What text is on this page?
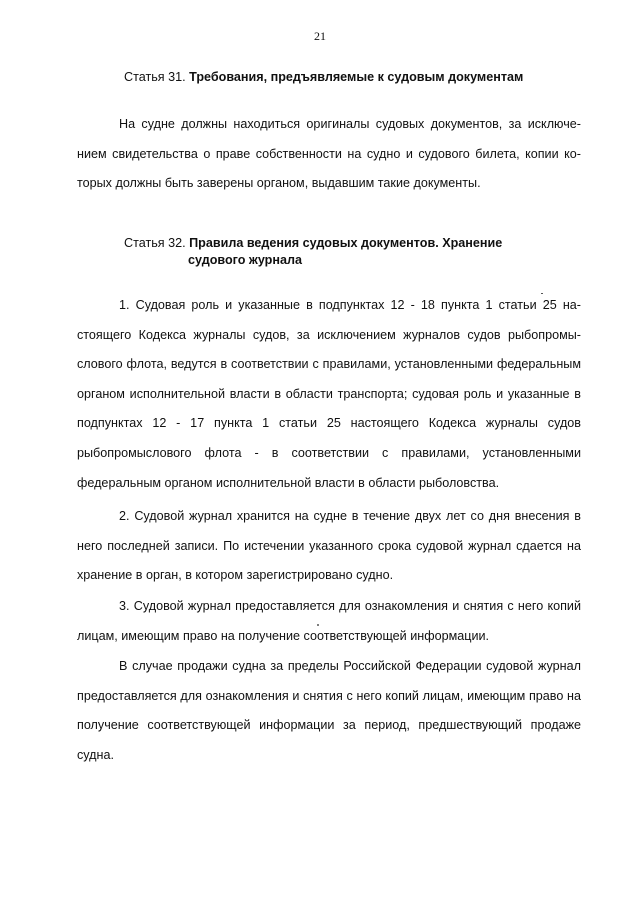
21
Статья 31. Требования, предъявляемые к судовым документам

На судне должны находиться оригиналы судовых документов, за исключением свидетельства о праве собственности на судно и судового билета, копии которых должны быть заверены органом, выдавшим такие документы.

Статья 32. Правила ведения судовых документов. Хранение
судового журнала

1. Судовая роль и указанные в подпунктах 12 - 18 пункта 1 статьи 25 настоящего Кодекса журналы судов, за исключением журналов судов рыбопромыслового флота, ведутся в соответствии с правилами, установленными федеральным органом исполнительной власти в области транспорта; судовая роль и указанные в подпунктах 12 - 17 пункта 1 статьи 25 настоящего Кодекса журналы судов рыбопромыслового флота - в соответствии с правилами, установленными федеральным органом исполнительной власти в области рыболовства.

2. Судовой журнал хранится на судне в течение двух лет со дня внесения в него последней записи. По истечении указанного срока судовой журнал сдается на хранение в орган, в котором зарегистрировано судно.

3. Судовой журнал предоставляется для ознакомления и снятия с него копий лицам, имеющим право на получение соответствующей информации.

В случае продажи судна за пределы Российской Федерации судовой журнал предоставляется для ознакомления и снятия с него копий лицам, имеющим право на получение соответствующей информации за период, предшествующий продаже судна.
